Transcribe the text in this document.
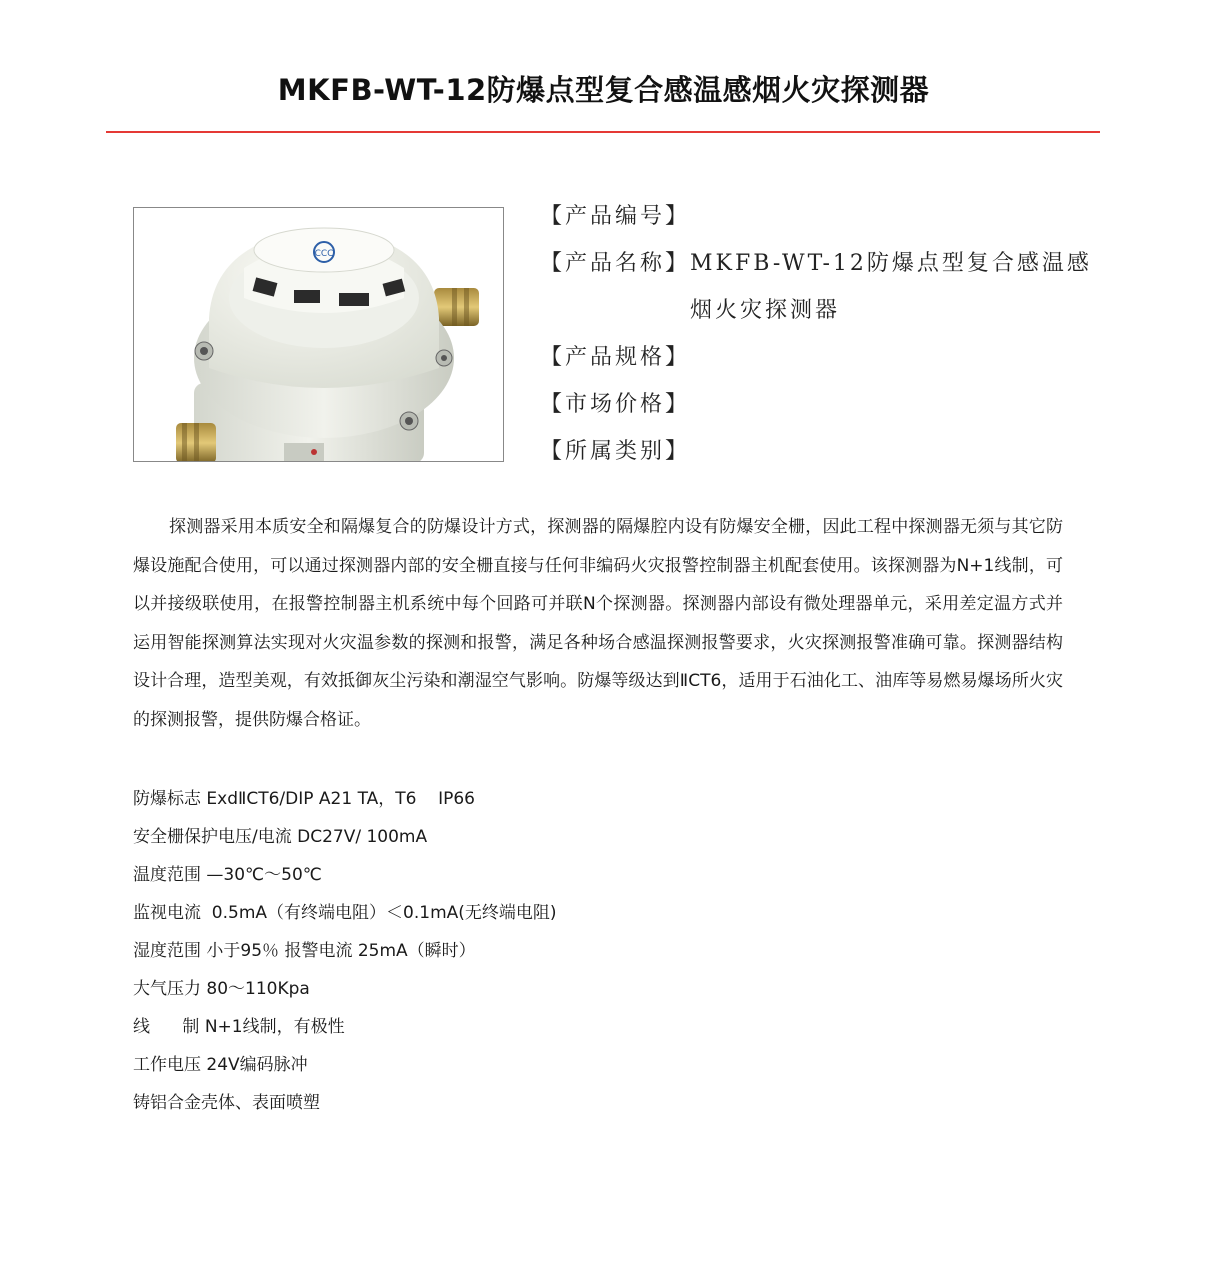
MKFB-WT-12防爆点型复合感温感烟火灾探测器
CCC
【产品编号】
【产品名称】 MKFB-WT-12防爆点型复合感温感烟火灾探测器
【产品规格】
【市场价格】
【所属类别】

探测器采用本质安全和隔爆复合的防爆设计方式，探测器的隔爆腔内设有防爆安全栅，因此工程中探测器无须与其它防爆设施配合使用，可以通过探测器内部的安全栅直接与任何非编码火灾报警控制器主机配套使用。该探测器为N+1线制，可以并接级联使用，在报警控制器主机系统中每个回路可并联N个探测器。探测器内部设有微处理器单元，采用差定温方式并运用智能探测算法实现对火灾温参数的探测和报警，满足各种场合感温探测报警要求，火灾探测报警准确可靠。探测器结构设计合理，造型美观，有效抵御灰尘污染和潮湿空气影响。防爆等级达到ⅡCT6，适用于石油化工、油库等易燃易爆场所火灾的探测报警，提供防爆合格证。

防爆标志 ExdⅡCT6/DIP A21 TA，T6    IP66
安全栅保护电压/电流 DC27V/ 100mA
温度范围 —30℃～50℃
监视电流  0.5mA（有终端电阻）＜0.1mA(无终端电阻)
湿度范围 小于95％ 报警电流 25mA（瞬时）
大气压力 80～110Kpa
线      制 N+1线制，有极性
工作电压 24V编码脉冲
铸铝合金壳体、表面喷塑
